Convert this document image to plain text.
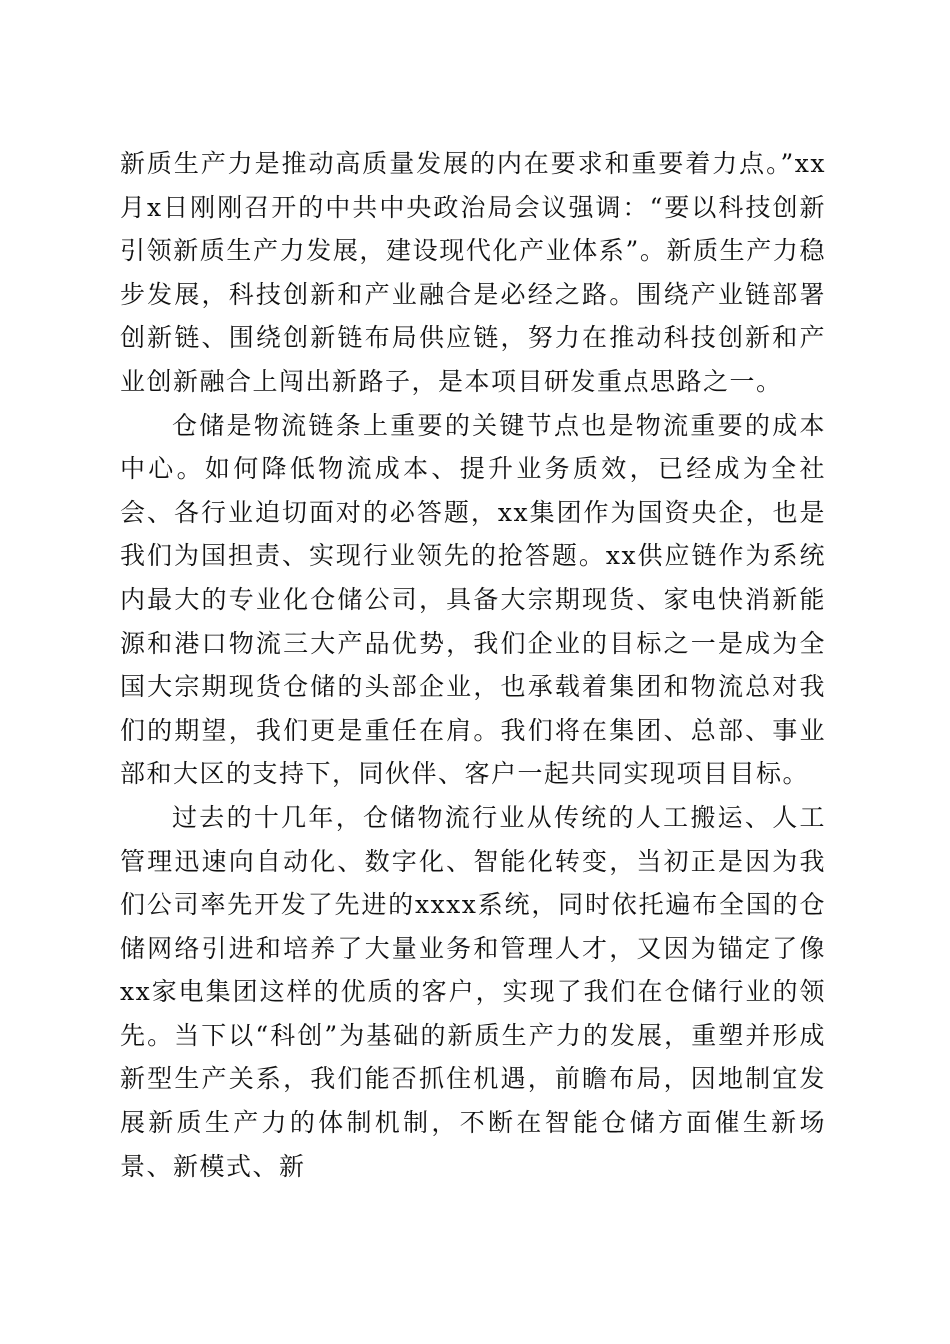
新质生产力是推动高质量发展的内在要求和重要着力点。”xx月x日刚刚召开的中共中央政治局会议强调：“要以科技创新引领新质生产力发展，建设现代化产业体系”。新质生产力稳步发展，科技创新和产业融合是必经之路。围绕产业链部署创新链、围绕创新链布局供应链，努力在推动科技创新和产业创新融合上闯出新路子，是本项目研发重点思路之一。

仓储是物流链条上重要的关键节点也是物流重要的成本中心。如何降低物流成本、提升业务质效，已经成为全社会、各行业迫切面对的必答题，xx集团作为国资央企，也是我们为国担责、实现行业领先的抢答题。xx供应链作为系统内最大的专业化仓储公司，具备大宗期现货、家电快消新能源和港口物流三大产品优势，我们企业的目标之一是成为全国大宗期现货仓储的头部企业，也承载着集团和物流总对我们的期望，我们更是重任在肩。我们将在集团、总部、事业部和大区的支持下，同伙伴、客户一起共同实现项目目标。

过去的十几年，仓储物流行业从传统的人工搬运、人工管理迅速向自动化、数字化、智能化转变，当初正是因为我们公司率先开发了先进的xxxx系统，同时依托遍布全国的仓储网络引进和培养了大量业务和管理人才，又因为锚定了像xx家电集团这样的优质的客户，实现了我们在仓储行业的领先。当下以“科创”为基础的新质生产力的发展，重塑并形成新型生产关系，我们能否抓住机遇，前瞻布局，因地制宜发展新质生产力的体制机制，不断在智能仓储方面催生新场景、新模式、新
